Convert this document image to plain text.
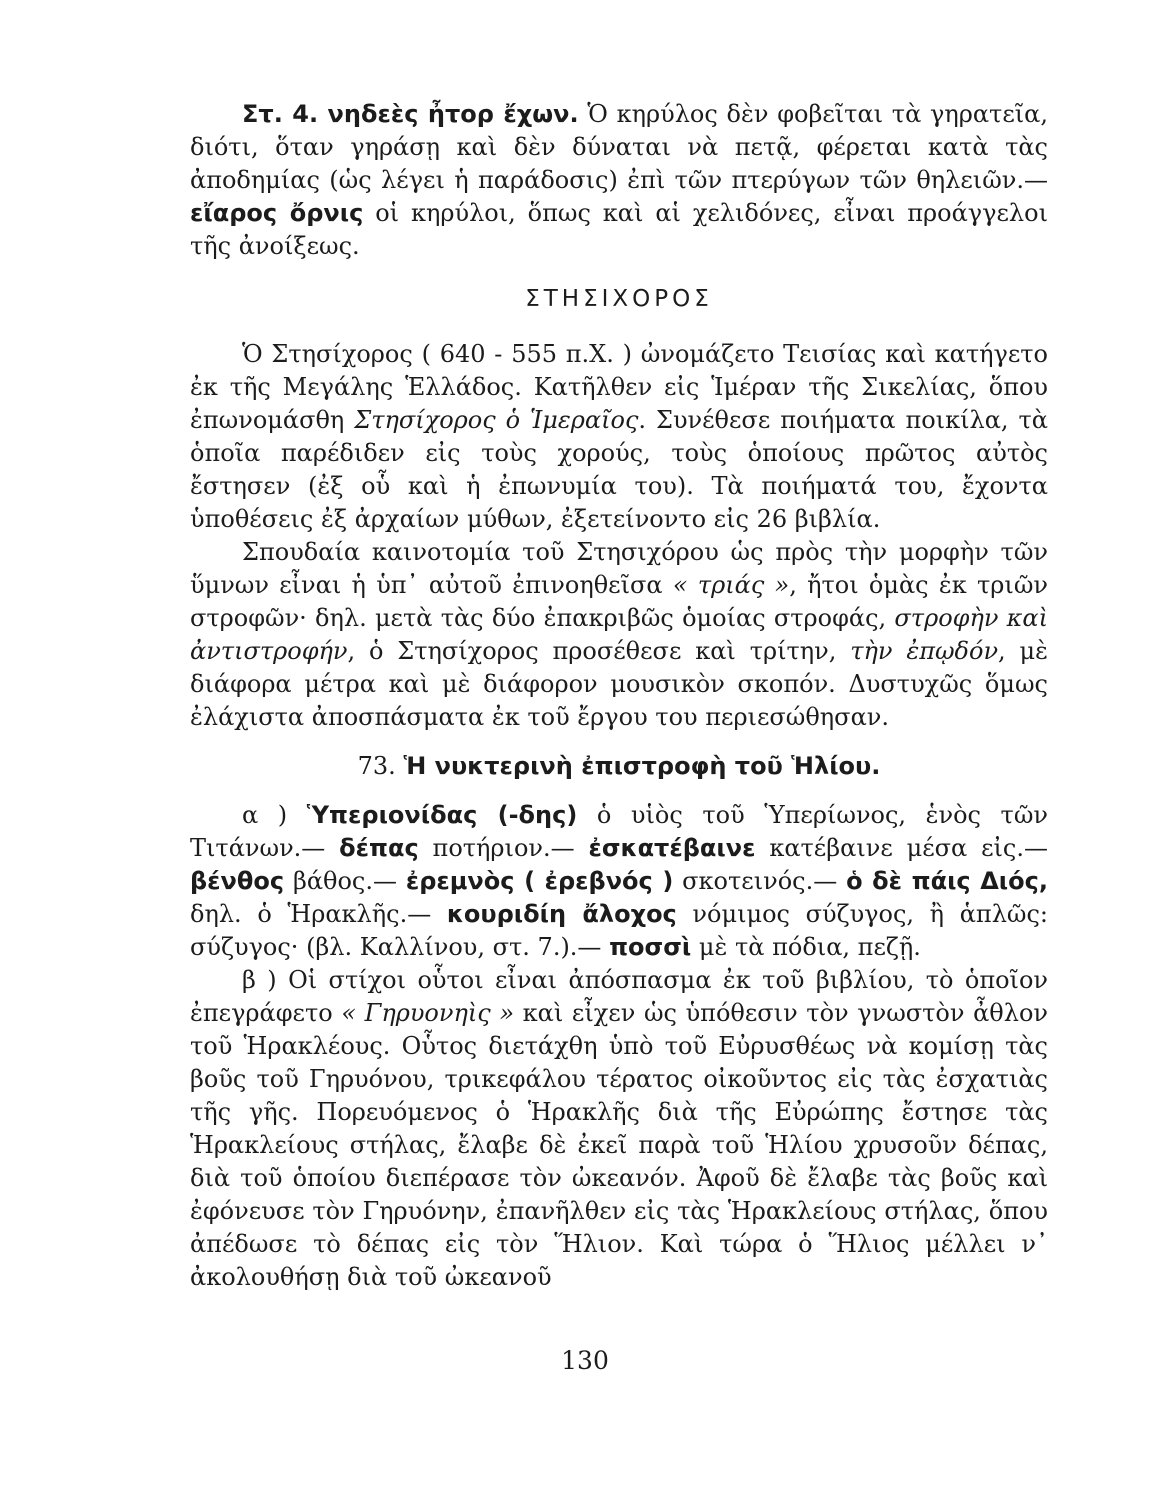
Στ. 4. νηδεὲς ἦτορ ἔχων. Ὁ κηρύλος δὲν φοβεῖται τὰ γηρατεῖα, διότι, ὅταν γηράσῃ καὶ δὲν δύναται νὰ πετᾷ, φέρεται κατὰ τὰς ἀποδημίας (ὡς λέγει ἡ παράδοσις) ἐπὶ τῶν πτερύγων τῶν θηλειῶν.— εἴαρος ὄρνις οἱ κηρύλοι, ὅπως καὶ αἱ χελιδόνες, εἶναι προάγγελοι τῆς ἀνοίξεως.

ΣΤΗΣΙΧΟΡΟΣ

Ὁ Στησίχορος ( 640 - 555 π.Χ. ) ὠνομάζετο Τεισίας καὶ κατήγετο ἐκ τῆς Μεγάλης Ἑλλάδος. Κατῆλθεν εἰς Ἱμέραν τῆς Σικελίας, ὅπου ἐπωνομάσθη Στησίχορος ὁ Ἱμεραῖος. Συνέθεσε ποιήματα ποικίλα, τὰ ὁποῖα παρέδιδεν εἰς τοὺς χορούς, τοὺς ὁποίους πρῶτος αὐτὸς ἔστησεν (ἐξ οὗ καὶ ἡ ἐπωνυμία του). Τὰ ποιήματά του, ἔχοντα ὑποθέσεις ἐξ ἀρχαίων μύθων, ἐξετείνοντο εἰς 26 βιβλία.

Σπουδαία καινοτομία τοῦ Στησιχόρου ὡς πρὸς τὴν μορφὴν τῶν ὕμνων εἶναι ἡ ὑπ᾿ αὐτοῦ ἐπινοηθεῖσα « τριάς », ἤτοι ὁμὰς ἐκ τριῶν στροφῶν· δηλ. μετὰ τὰς δύο ἐπακριβῶς ὁμοίας στροφάς, στροφὴν καὶ ἀντιστροφήν, ὁ Στησίχορος προσέθεσε καὶ τρίτην, τὴν ἐπῳδόν, μὲ διάφορα μέτρα καὶ μὲ διάφορον μουσικὸν σκοπόν. Δυστυχῶς ὅμως ἐλάχιστα ἀποσπάσματα ἐκ τοῦ ἔργου του περιεσώθησαν.

73. Ἡ νυκτερινὴ ἐπιστροφὴ τοῦ Ἡλίου.

α ) Ὑπεριονίδας (-δης) ὁ υἱὸς τοῦ Ὑπερίωνος, ἑνὸς τῶν Τιτάνων.— δέπας ποτήριον.— ἐσκατέβαινε κατέβαινε μέσα εἰς.— βένθος βάθος.— ἐρεμνὸς ( ἐρεβνός ) σκοτεινός.— ὁ δὲ πάις Διός, δηλ. ὁ Ἡρακλῆς.— κουριδίη ἄλοχος νόμιμος σύζυγος, ἢ ἁπλῶς: σύζυγος· (βλ. Καλλίνου, στ. 7.).— ποσσὶ μὲ τὰ πόδια, πεζῇ.

β ) Οἱ στίχοι οὗτοι εἶναι ἀπόσπασμα ἐκ τοῦ βιβλίου, τὸ ὁποῖον ἐπεγράφετο « Γηρυονηὶς » καὶ εἶχεν ὡς ὑπόθεσιν τὸν γνωστὸν ἆθλον τοῦ Ἡρακλέους. Οὗτος διετάχθη ὑπὸ τοῦ Εὐρυσθέως νὰ κομίσῃ τὰς βοῦς τοῦ Γηρυόνου, τρικεφάλου τέρατος οἰκοῦντος εἰς τὰς ἐσχατιὰς τῆς γῆς. Πορευόμενος ὁ Ἡρακλῆς διὰ τῆς Εὐρώπης ἔστησε τὰς Ἡρακλείους στήλας, ἔλαβε δὲ ἐκεῖ παρὰ τοῦ Ἡλίου χρυσοῦν δέπας, διὰ τοῦ ὁποίου διεπέρασε τὸν ὠκεανόν. Ἀφοῦ δὲ ἔλαβε τὰς βοῦς καὶ ἐφόνευσε τὸν Γηρυόνην, ἐπανῆλθεν εἰς τὰς Ἡρακλείους στήλας, ὅπου ἀπέδωσε τὸ δέπας εἰς τὸν Ἥλιον. Καὶ τώρα ὁ Ἥλιος μέλλει ν᾿ ἀκολουθήσῃ διὰ τοῦ ὠκεανοῦ

130
